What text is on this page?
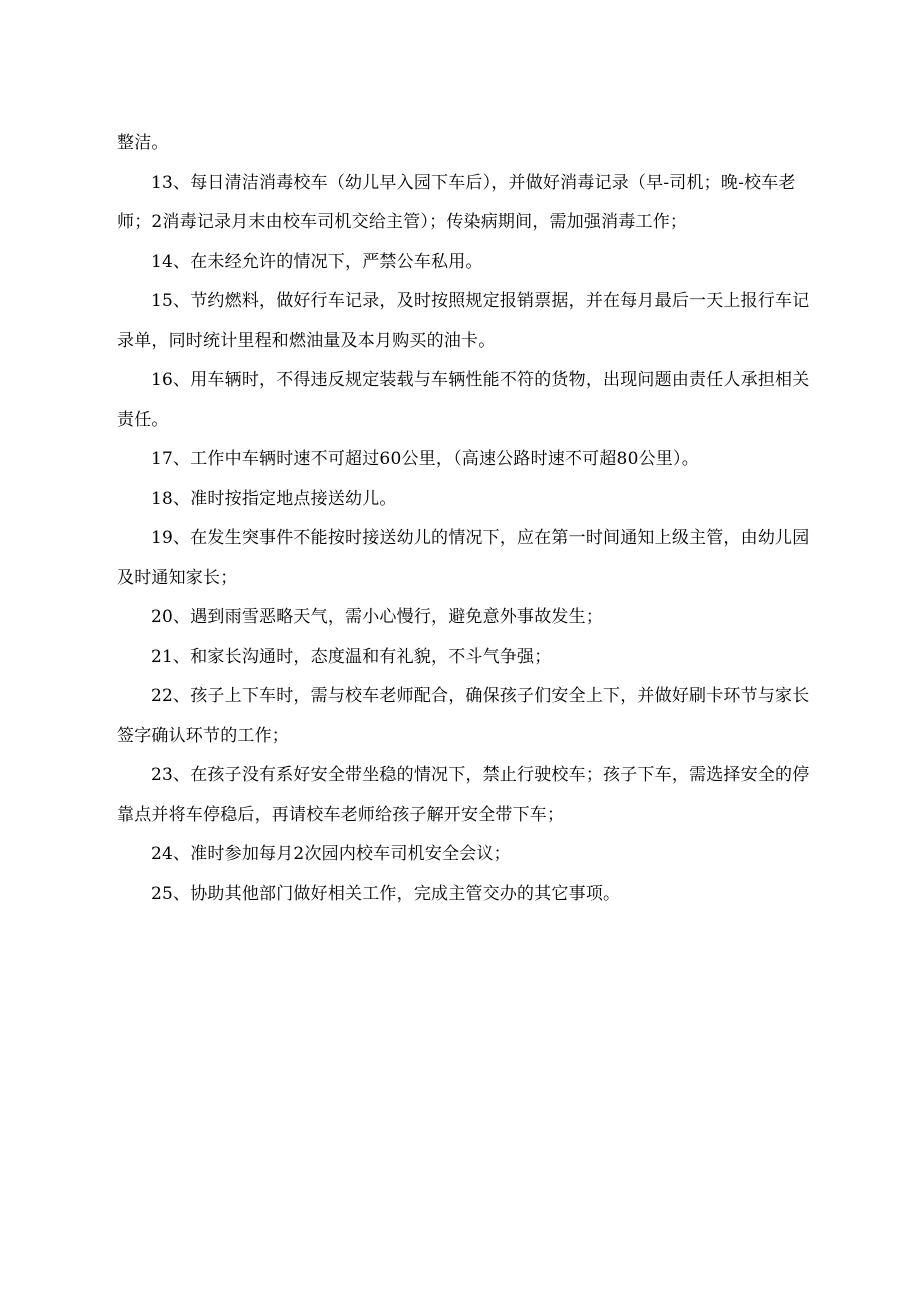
整洁。

13、每日清洁消毒校车（幼儿早入园下车后），并做好消毒记录（早-司机；晚-校车老师；2消毒记录月末由校车司机交给主管）；传染病期间，需加强消毒工作；

14、在未经允许的情况下，严禁公车私用。

15、节约燃料，做好行车记录，及时按照规定报销票据，并在每月最后一天上报行车记录单，同时统计里程和燃油量及本月购买的油卡。

16、用车辆时，不得违反规定装载与车辆性能不符的货物，出现问题由责任人承担相关责任。

17、工作中车辆时速不可超过60公里，（高速公路时速不可超80公里）。

18、准时按指定地点接送幼儿。

19、在发生突事件不能按时接送幼儿的情况下，应在第一时间通知上级主管，由幼儿园及时通知家长；

20、遇到雨雪恶略天气，需小心慢行，避免意外事故发生；

21、和家长沟通时，态度温和有礼貌，不斗气争强；

22、孩子上下车时，需与校车老师配合，确保孩子们安全上下，并做好刷卡环节与家长签字确认环节的工作；

23、在孩子没有系好安全带坐稳的情况下，禁止行驶校车；孩子下车，需选择安全的停靠点并将车停稳后，再请校车老师给孩子解开安全带下车；

24、准时参加每月2次园内校车司机安全会议；

25、协助其他部门做好相关工作，完成主管交办的其它事项。
